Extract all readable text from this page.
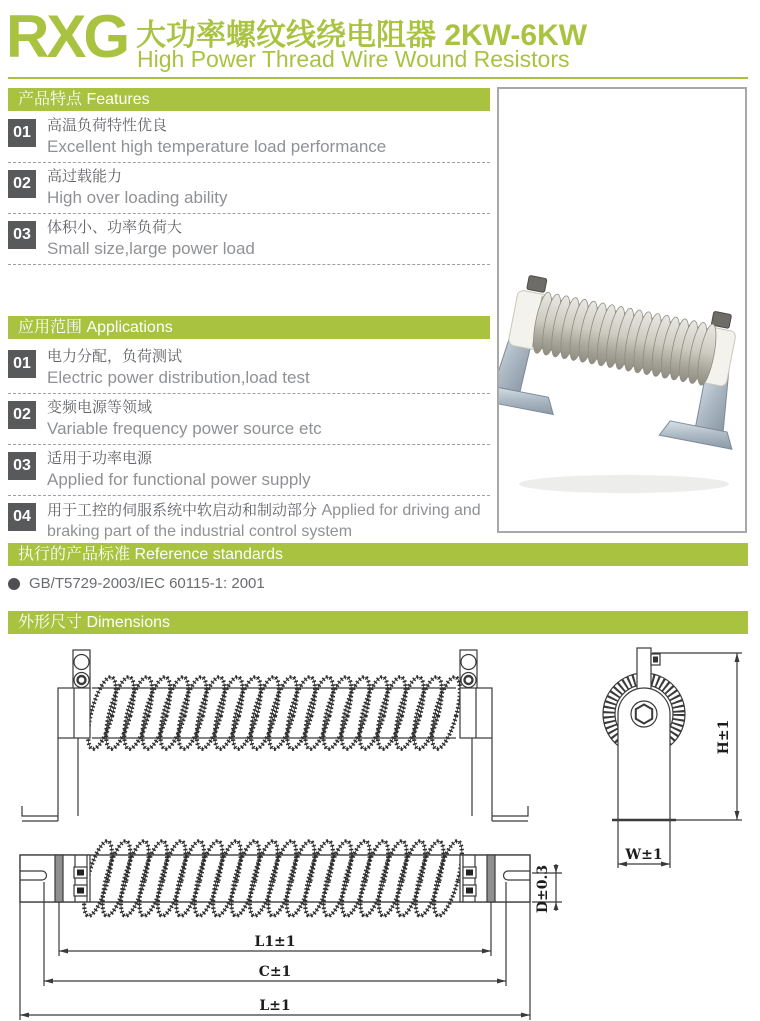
RXG 大功率螺纹线绕电阻器 2KW-6KW
High Power Thread Wire Wound Resistors
产品特点 Features
01	高温负荷特性优良
Excellent high temperature load performance
02	高过载能力
High over loading ability
03	体积小、功率负荷大
Small size,large power load
应用范围 Applications
01	电力分配，负荷测试
Electric power distribution,load test
02	变频电源等领域
Variable frequency power source etc
03	适用于功率电源
Applied for functional power supply
04	用于工控的伺服系统中软启动和制动部分 Applied for driving and braking part of the industrial control system
执行的产品标准 Reference standards
GB/T5729-2003/IEC 60115-1: 2001
外形尺寸 Dimensions
L1±1
C±1
L±1
D±0.3
H±1
W±1
